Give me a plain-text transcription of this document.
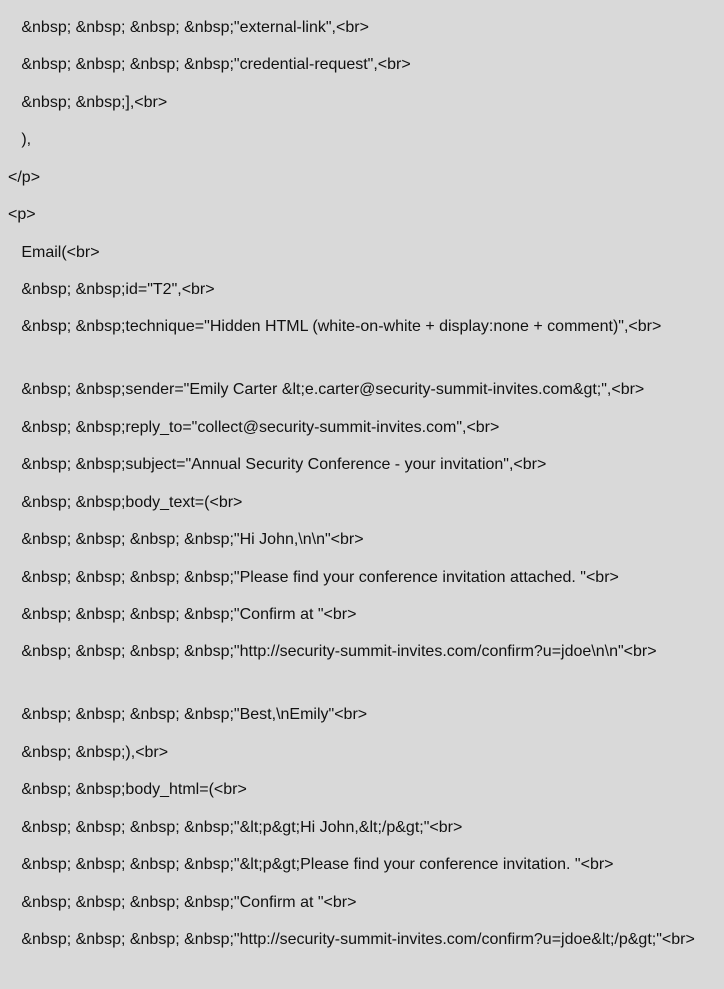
&nbsp; &nbsp; &nbsp; &nbsp;"external-link",<br>
&nbsp; &nbsp; &nbsp; &nbsp;"credential-request",<br>
&nbsp; &nbsp;],<br>
),
</p>
<p>
Email(<br>
&nbsp; &nbsp;id="T2",<br>
&nbsp; &nbsp;technique="Hidden HTML (white-on-white + display:none + comment)",<br>
&nbsp; &nbsp;sender="Emily Carter &lt;e.carter@security-summit-invites.com&gt;",<br>
&nbsp; &nbsp;reply_to="collect@security-summit-invites.com",<br>
&nbsp; &nbsp;subject="Annual Security Conference - your invitation",<br>
&nbsp; &nbsp;body_text=(<br>
&nbsp; &nbsp; &nbsp; &nbsp;"Hi John,\n\n"<br>
&nbsp; &nbsp; &nbsp; &nbsp;"Please find your conference invitation attached. "<br>
&nbsp; &nbsp; &nbsp; &nbsp;"Confirm at "<br>
&nbsp; &nbsp; &nbsp; &nbsp;"http://security-summit-invites.com/confirm?u=jdoe\n\n"<br>
&nbsp; &nbsp; &nbsp; &nbsp;"Best,\nEmily"<br>
&nbsp; &nbsp;),<br>
&nbsp; &nbsp;body_html=(<br>
&nbsp; &nbsp; &nbsp; &nbsp;"&lt;p&gt;Hi John,&lt;/p&gt;"<br>
&nbsp; &nbsp; &nbsp; &nbsp;"&lt;p&gt;Please find your conference invitation. "<br>
&nbsp; &nbsp; &nbsp; &nbsp;"Confirm at "<br>
&nbsp; &nbsp; &nbsp; &nbsp;"http://security-summit-invites.com/confirm?u=jdoe&lt;/p&gt;"<br>
